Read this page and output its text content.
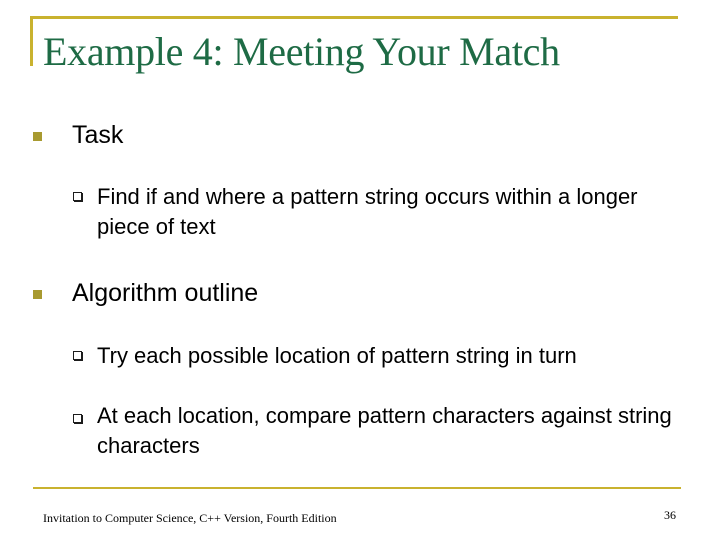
Example 4: Meeting Your Match
Task
Find if and where a pattern string occurs within a longer piece of text
Algorithm outline
Try each possible location of pattern string in turn
At each location, compare pattern characters against string characters
Invitation to Computer Science, C++ Version, Fourth Edition	36
